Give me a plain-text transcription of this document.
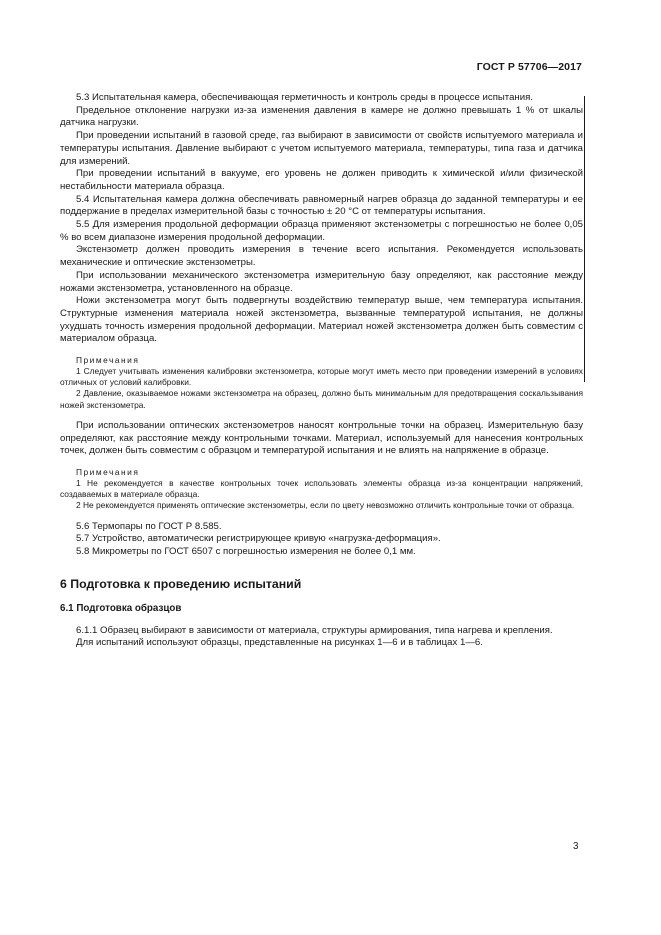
ГОСТ Р 57706—2017

5.3 Испытательная камера, обеспечивающая герметичность и контроль среды в процессе испытания.

Предельное отклонение нагрузки из-за изменения давления в камере не должно превышать 1 % от шкалы датчика нагрузки.

При проведении испытаний в газовой среде, газ выбирают в зависимости от свойств испытуемого материала и температуры испытания. Давление выбирают с учетом испытуемого материала, температуры, типа газа и датчика для измерений.

При проведении испытаний в вакууме, его уровень не должен приводить к химической и/или физической нестабильности материала образца.

5.4 Испытательная камера должна обеспечивать равномерный нагрев образца до заданной температуры и ее поддержание в пределах измерительной базы с точностью ± 20 °С от температуры испытания.

5.5 Для измерения продольной деформации образца применяют экстензометры с погрешностью не более 0,05 % во всем диапазоне измерения продольной деформации.

Экстензометр должен проводить измерения в течение всего испытания. Рекомендуется использовать механические и оптические экстензометры.

При использовании механического экстензометра измерительную базу определяют, как расстояние между ножами экстензометра, установленного на образце.

Ножи экстензометра могут быть подвергнуты воздействию температур выше, чем температура испытания. Структурные изменения материала ножей экстензометра, вызванные температурой испытания, не должны ухудшать точность измерения продольной деформации. Материал ножей экстензометра должен быть совместим с материалом образца.

Примечания
1 Следует учитывать изменения калибровки экстензометра, которые могут иметь место при проведении измерений в условиях отличных от условий калибровки.
2 Давление, оказываемое ножами экстензометра на образец, должно быть минимальным для предотвращения соскальзывания ножей экстензометра.

При использовании оптических экстензометров наносят контрольные точки на образец. Измерительную базу определяют, как расстояние между контрольными точками. Материал, используемый для нанесения контрольных точек, должен быть совместим с образцом и температурой испытания и не влиять на напряжение в образце.

Примечания
1 Не рекомендуется в качестве контрольных точек использовать элементы образца из-за концентрации напряжений, создаваемых в материале образца.
2 Не рекомендуется применять оптические экстензометры, если по цвету невозможно отличить контрольные точки от образца.

5.6 Термопары по ГОСТ Р 8.585.

5.7 Устройство, автоматически регистрирующее кривую «нагрузка-деформация».

5.8 Микрометры по ГОСТ 6507 с погрешностью измерения не более 0,1 мм.

6 Подготовка к проведению испытаний
6.1 Подготовка образцов

6.1.1 Образец выбирают в зависимости от материала, структуры армирования, типа нагрева и крепления.

Для испытаний используют образцы, представленные на рисунках 1—6 и в таблицах 1—6.

3
